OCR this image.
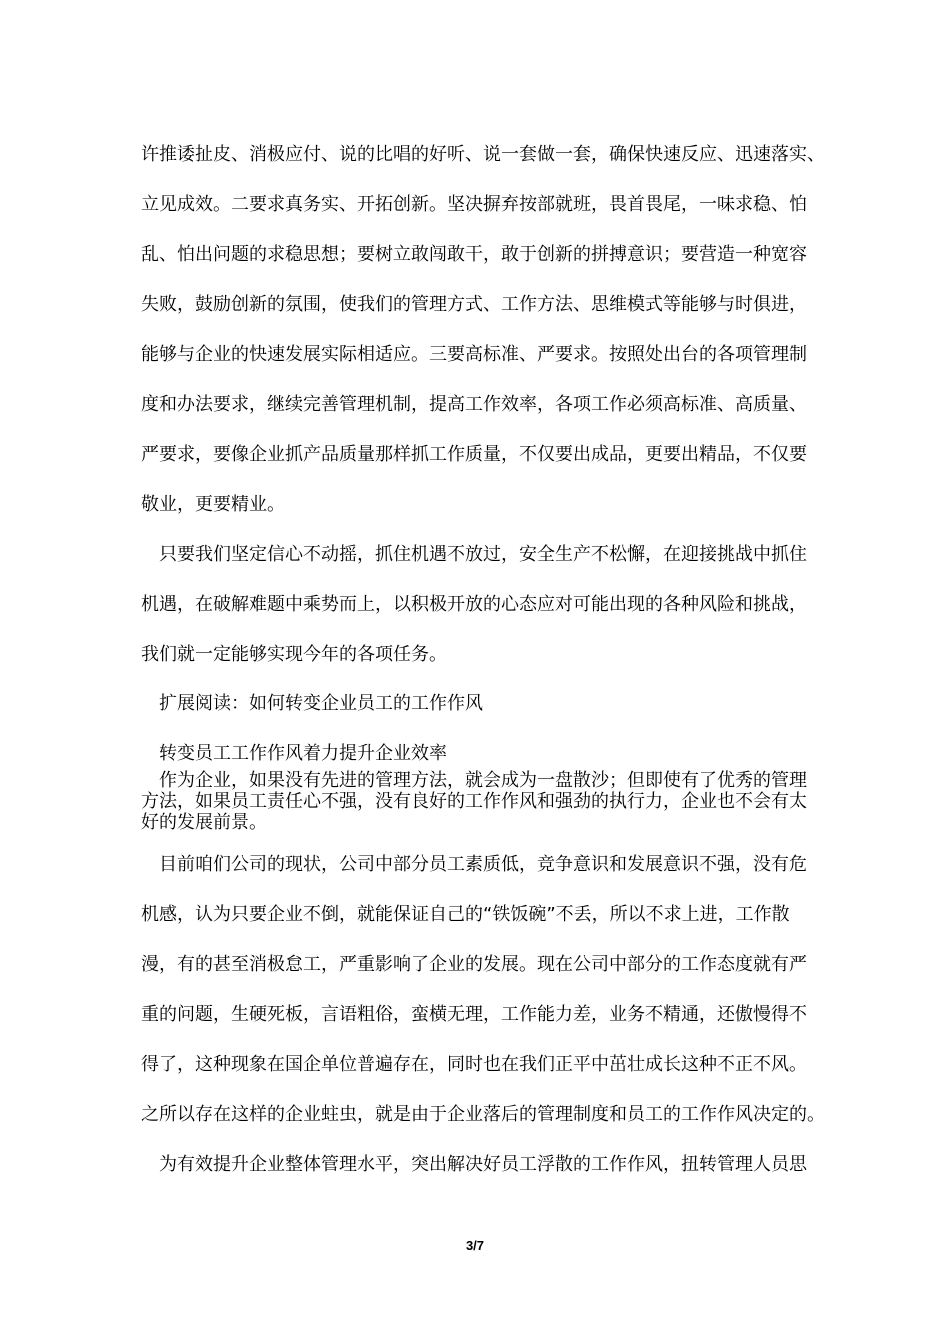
许推诿扯皮、消极应付、说的比唱的好听、说一套做一套，确保快速反应、迅速落实、
立见成效。二要求真务实、开拓创新。坚决摒弃按部就班，畏首畏尾，一味求稳、怕
乱、怕出问题的求稳思想；要树立敢闯敢干，敢于创新的拼搏意识；要营造一种宽容
失败，鼓励创新的氛围，使我们的管理方式、工作方法、思维模式等能够与时俱进，
能够与企业的快速发展实际相适应。三要高标准、严要求。按照处出台的各项管理制
度和办法要求，继续完善管理机制，提高工作效率，各项工作必须高标准、高质量、
严要求，要像企业抓产品质量那样抓工作质量，不仅要出成品，更要出精品，不仅要
敬业，更要精业。
　只要我们坚定信心不动摇，抓住机遇不放过，安全生产不松懈，在迎接挑战中抓住
机遇，在破解难题中乘势而上，以积极开放的心态应对可能出现的各种风险和挑战，
我们就一定能够实现今年的各项任务。
　扩展阅读：如何转变企业员工的工作作风
　转变员工工作作风着力提升企业效率
　作为企业，如果没有先进的管理方法，就会成为一盘散沙；但即使有了优秀的管理
方法，如果员工责任心不强，没有良好的工作作风和强劲的执行力，企业也不会有太
好的发展前景。
　目前咱们公司的现状，公司中部分员工素质低，竞争意识和发展意识不强，没有危
机感，认为只要企业不倒，就能保证自己的“铁饭碗”不丢，所以不求上进，工作散
漫，有的甚至消极怠工，严重影响了企业的发展。现在公司中部分的工作态度就有严
重的问题，生硬死板，言语粗俗，蛮横无理，工作能力差，业务不精通，还傲慢得不
得了，这种现象在国企单位普遍存在，同时也在我们正平中茁壮成长这种不正不风。
之所以存在这样的企业蛀虫，就是由于企业落后的管理制度和员工的工作作风决定的。
　为有效提升企业整体管理水平，突出解决好员工浮散的工作作风，扭转管理人员思
3/7
